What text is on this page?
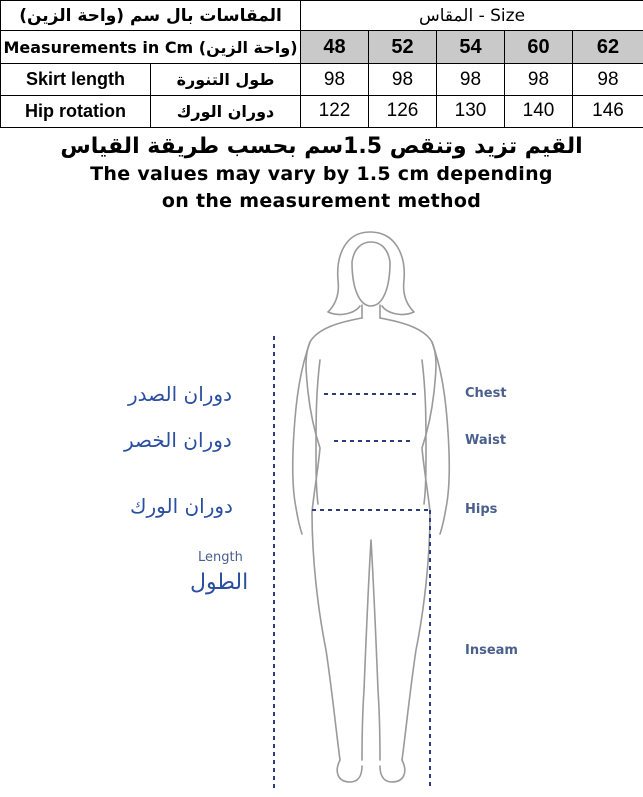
المقاسات بال سم (واحة الزين)		المقاس - Size				
Measurements in Cm (واحة الزين)		48	52	54	60	62
Skirt length	طول التنورة	98	98	98	98	98
Hip rotation	دوران الورك	122	126	130	140	146
القيم تزيد وتنقص 1.5سم بحسب طريقة القياس
The values may vary by 1.5 cm depending
on the measurement method
دوران الصدر
دوران الخصر
دوران الورك
Length
الطول
Chest
Waist
Hips
Inseam
